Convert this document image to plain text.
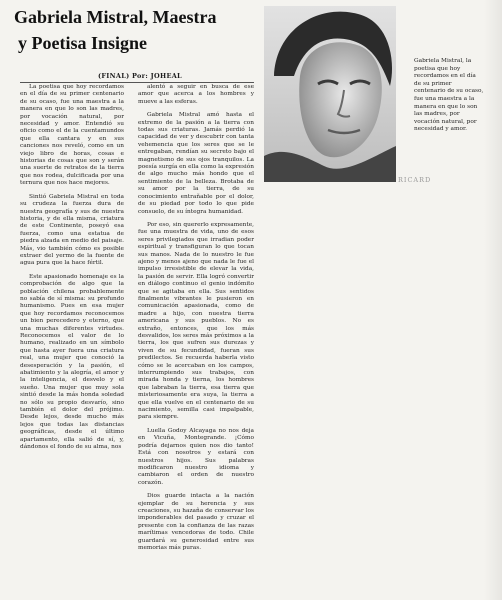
Gabriela Mistral, Maestra
y Poetisa Insigne
(FINAL) Por: JOHEAL

La poetisa que hoy recordamos en el día de su primer centenario de su ocaso, fue una maestra a la manera en que lo son las madres, por vocación natural, por necesidad y amor. Entendió su oficio como el de la cuentamundos que ella cantara y en sus canciones nos reveló, como en un viejo libro de horas, cosas e historias de cosas que son y serán una suerte de retratos de la tierra que nos rodea, dulcificada por una ternura que nos hace mejores.

Sintió Gabriela Mistral en toda su crudeza la fuerza dura de nuestra geografía y sus de nuestra historia, y de ella misma, criatura de este Continente, poseyó esa fuerza, como una estatua de piedra alzada en medio del paisaje. Más, vio también cómo es posible extraer del yermo de la fuente de agua pura que la hace fértil.

Este apasionado homenaje es la comprobación de algo que la población chilena probablemente no sabía de sí misma: su profundo humanismo. Pues en esa mujer que hoy recordamos reconocemos un bien perecedero y eterno, que una muchas diferentes virtudes. Reconocemos el valor de lo humano, realizado en un símbolo que hasta ayer fuera una criatura real, una mujer que conoció la desesperación y la pasión, el abatimiento y la alegría, el amor y la inteligencia, el desvelo y el sueño. Una mujer que muy sola sintió desde la más honda soledad no sólo su propio desvarío, sino también el dolor del prójimo. Desde lejos, desde mucho más lejos que todas las distancias geográficas, desde el último apartamento, ella salió de sí, y, dándonos el fondo de su alma, nos

alentó a seguir en busca de ese amor que acerca a los hombres y mueve a las esferas.

Gabriela Mistral amó hasta el extremo de la pasión a la tierra con todas sus criaturas. Jamás perdió la capacidad de ver y descubrir con tanta vehemencia que los seres que se le entregaban, rendían su secreto bajo el magnetismo de sus ojos tranquilos. La poesía surgía en ella como la expresión de algo mucho más hondo que el sentimiento de la belleza. Brotaba de su amor por la tierra, de su conocimiento entrañable por el dolor, de su piedad por todo lo que pide consuelo, de su íntegra humanidad.

Por eso, sin quererlo expresamente, fue una muestra de vida, uno de esos seres privilegiados que irradian poder espiritual y transfiguran lo que tocan sus manos. Nada de lo nuestro le fue ajeno y menos ajeno que nada le fue el impulso irresistible de elevar la vida, la pasión de servir. Ella logró convertir en diálogo continuo el genio indómito que se agitaba en ella. Sus sentidos finalmente vibrantes le pusieron en comunicación apasionada, como de madre a hijo, con nuestra tierra americana y sus pueblos. No es extraño, entonces, que los más desvalidos, los seres más próximos a la tierra, los que sufren sus durezas y viven de su fecundidad, fueran sus predilectos. Se recuerda haberla visto cómo se le acercaban en los campos, interrumpiendo sus trabajos, con mirada honda y tierna, los hombres que labraban la tierra, esa tierra que misteriosamente era suya, la tierra a que ella vuelve en el centenario de su nacimiento, semilla casi impalpable, para siempre.

Luella Godoy Alcayaga no nos deja en Vicuña, Montegrande. ¡Cómo podría dejarnos quien nos dio tanto! Está con nosotros y estará con nuestros hijos. Sus palabras modificaron nuestro idioma y cambiaron el orden de nuestro corazón.

Dios guarde intacta a la nación ejemplar de su herencia y sus creaciones, su hazaña de conservar los imponderables del pasado y cruzar el presente con la confianza de las razas marítimas vencedoras de todo. Chile guardará su generosidad entre sus memorias más puras.

Gabriela Mistral, la poetisa que hoy recordamos en el día de su primer centenario de su ocaso, fue una maestra a la manera en que lo son las madres, por vocación natural, por necesidad y amor.
RICARD
